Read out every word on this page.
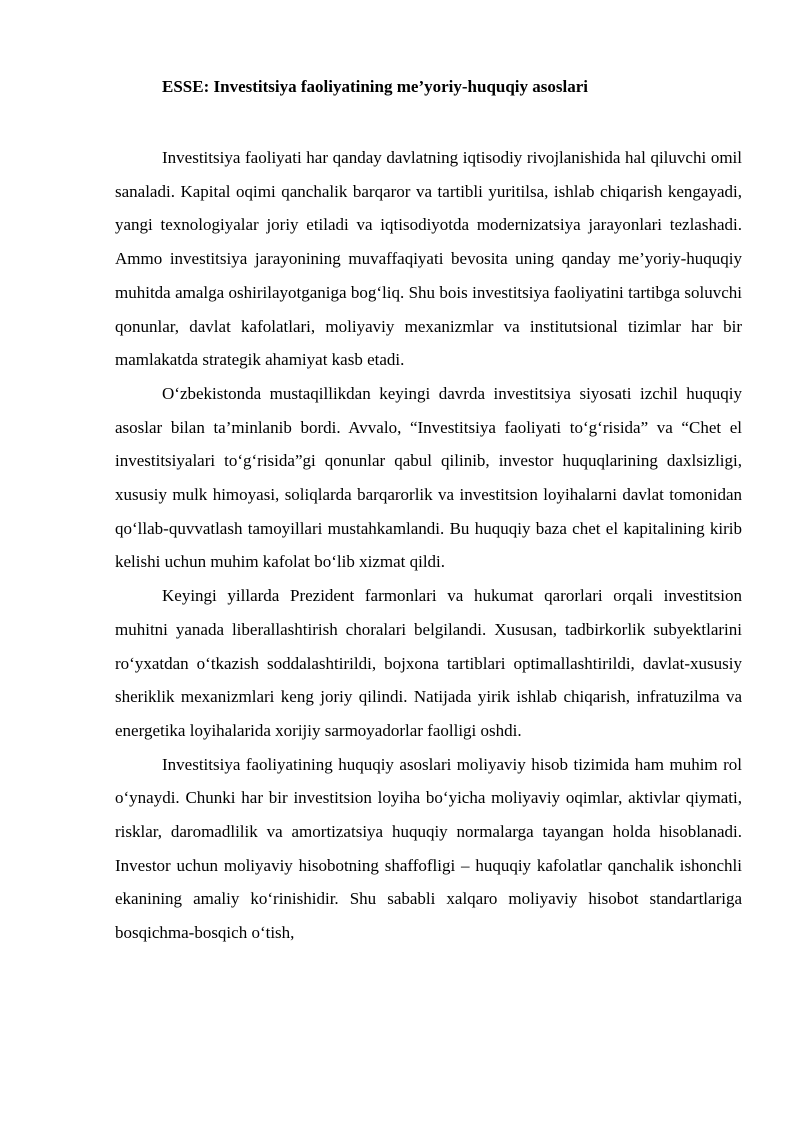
ESSE: Investitsiya faoliyatining me’yoriy-huquqiy asoslari

Investitsiya faoliyati har qanday davlatning iqtisodiy rivojlanishida hal qiluvchi omil sanaladi. Kapital oqimi qanchalik barqaror va tartibli yuritilsa, ishlab chiqarish kengayadi, yangi texnologiyalar joriy etiladi va iqtisodiyotda modernizatsiya jarayonlari tezlashadi. Ammo investitsiya jarayonining muvaffaqiyati bevosita uning qanday me’yoriy-huquqiy muhitda amalga oshirilayotganiga bog‘liq. Shu bois investitsiya faoliyatini tartibga soluvchi qonunlar, davlat kafolatlari, moliyaviy mexanizmlar va institutsional tizimlar har bir mamlakatda strategik ahamiyat kasb etadi.

O‘zbekistonda mustaqillikdan keyingi davrda investitsiya siyosati izchil huquqiy asoslar bilan ta’minlanib bordi. Avvalo, “Investitsiya faoliyati to‘g‘risida” va “Chet el investitsiyalari to‘g‘risida”gi qonunlar qabul qilinib, investor huquqlarining daxlsizligi, xususiy mulk himoyasi, soliqlarda barqarorlik va investitsion loyihalarni davlat tomonidan qo‘llab-quvvatlash tamoyillari mustahkamlandi. Bu huquqiy baza chet el kapitalining kirib kelishi uchun muhim kafolat bo‘lib xizmat qildi.

Keyingi yillarda Prezident farmonlari va hukumat qarorlari orqali investitsion muhitni yanada liberallashtirish choralari belgilandi. Xususan, tadbirkorlik subyektlarini ro‘yxatdan o‘tkazish soddalashtirildi, bojxona tartiblari optimallashtirildi, davlat-xususiy sheriklik mexanizmlari keng joriy qilindi. Natijada yirik ishlab chiqarish, infratuzilma va energetika loyihalarida xorijiy sarmoyadorlar faolligi oshdi.

Investitsiya faoliyatining huquqiy asoslari moliyaviy hisob tizimida ham muhim rol o‘ynaydi. Chunki har bir investitsion loyiha bo‘yicha moliyaviy oqimlar, aktivlar qiymati, risklar, daromadlilik va amortizatsiya huquqiy normalarga tayangan holda hisoblanadi. Investor uchun moliyaviy hisobotning shaffofligi – huquqiy kafolatlar qanchalik ishonchli ekanining amaliy ko‘rinishidir. Shu sababli xalqaro moliyaviy hisobot standartlariga bosqichma-bosqich o‘tish,
